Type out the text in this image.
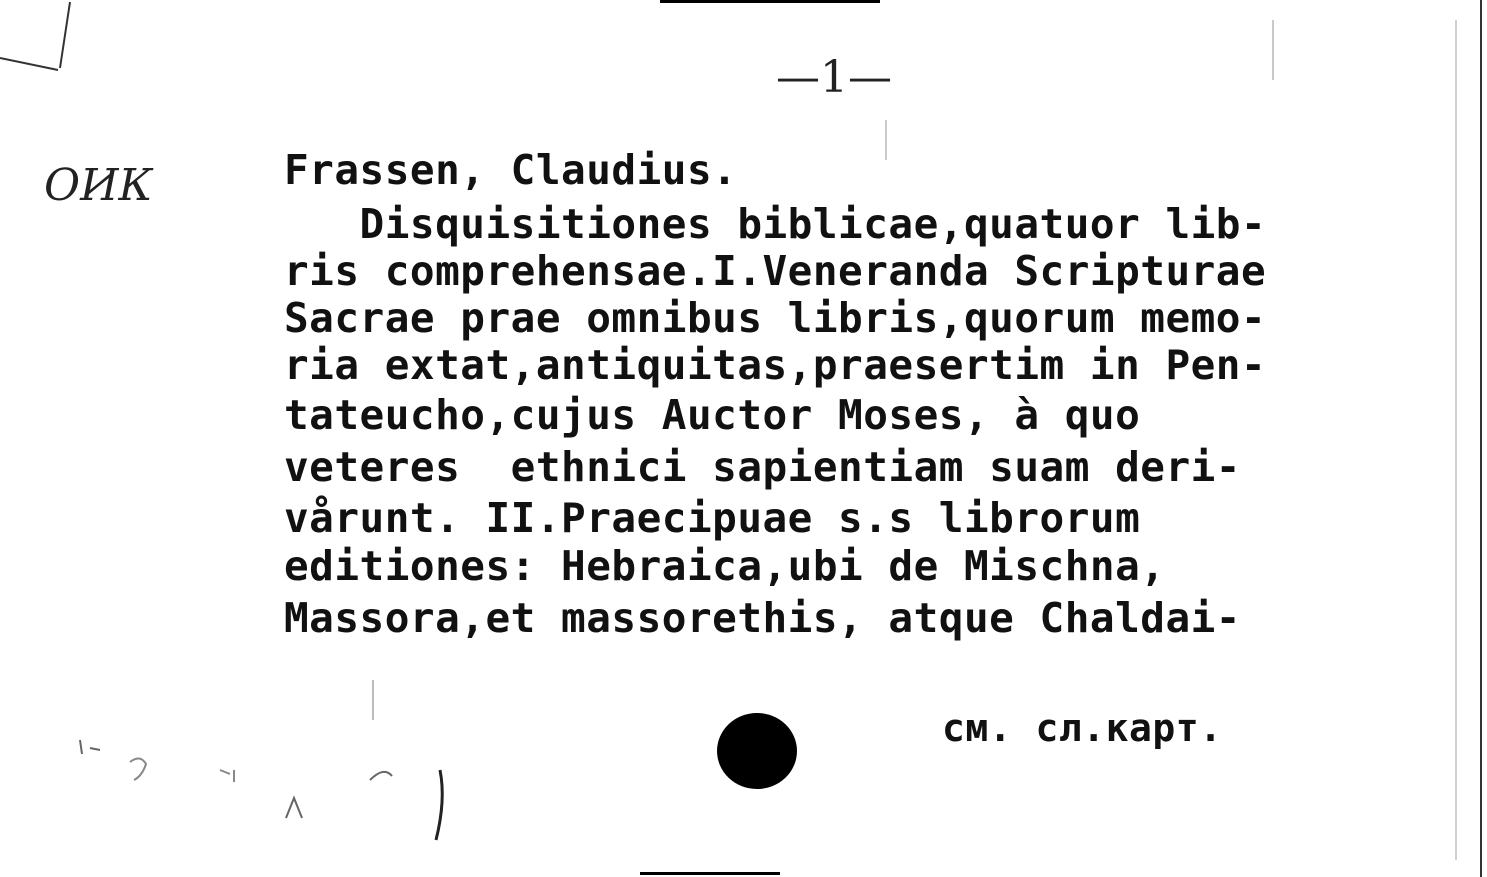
—1—
ОИК	Frassen, Claudius.
Disquisitiones biblicae,quatuor lib-
ris comprehensae.I.Veneranda Scripturae
Sacrae prae omnibus libris,quorum memo-
ria extat,antiquitas,praesertim in Pen-
tateucho,cujus Auctor Moses, à quo
veteres  ethnici sapientiam suam deri-
vårunt. II.Praecipuae s.s librorum
editiones: Hebraica,ubi de Mischna,
Massora,et massorethis, atque Chaldai-
см. сл.карт.
